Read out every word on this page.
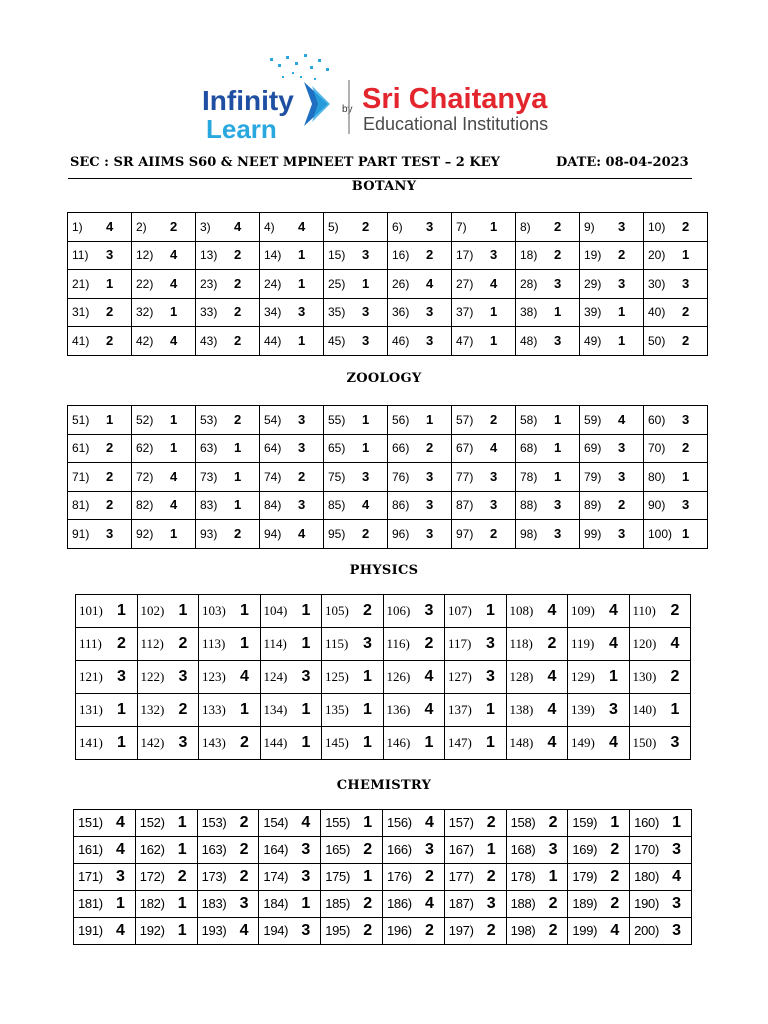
Infinity
Learn
by Sri Chaitanya
Educational Institutions
SEC : SR AIIMS S60 & NEET MPL
NEET PART TEST – 2 KEY	DATE: 08-04-2023
BOTANY
ZOOLOGY
PHYSICS
CHEMISTRY
1) 4	2) 2	3) 4	4) 4	5) 2	6) 3	7) 1	8) 2	9) 3	10) 2
11) 3	12) 4	13) 2	14) 1	15) 3	16) 2	17) 3	18) 2	19) 2	20) 1
21) 1	22) 4	23) 2	24) 1	25) 1	26) 4	27) 4	28) 3	29) 3	30) 3
31) 2	32) 1	33) 2	34) 3	35) 3	36) 3	37) 1	38) 1	39) 1	40) 2
41) 2	42) 4	43) 2	44) 1	45) 3	46) 3	47) 1	48) 3	49) 1	50) 2
51) 1	52) 1	53) 2	54) 3	55) 1	56) 1	57) 2	58) 1	59) 4	60) 3
61) 2	62) 1	63) 1	64) 3	65) 1	66) 2	67) 4	68) 1	69) 3	70) 2
71) 2	72) 4	73) 1	74) 2	75) 3	76) 3	77) 3	78) 1	79) 3	80) 1
81) 2	82) 4	83) 1	84) 3	85) 4	86) 3	87) 3	88) 3	89) 2	90) 3
91) 3	92) 1	93) 2	94) 4	95) 2	96) 3	97) 2	98) 3	99) 3	100) 1
101) 1	102) 1	103) 1	104) 1	105) 2	106) 3	107) 1	108) 4	109) 4	110) 2
111) 2	112) 2	113) 1	114) 1	115) 3	116) 2	117) 3	118) 2	119) 4	120) 4
121) 3	122) 3	123) 4	124) 3	125) 1	126) 4	127) 3	128) 4	129) 1	130) 2
131) 1	132) 2	133) 1	134) 1	135) 1	136) 4	137) 1	138) 4	139) 3	140) 1
141) 1	142) 3	143) 2	144) 1	145) 1	146) 1	147) 1	148) 4	149) 4	150) 3
151) 4	152) 1	153) 2	154) 4	155) 1	156) 4	157) 2	158) 2	159) 1	160) 1
161) 4	162) 1	163) 2	164) 3	165) 2	166) 3	167) 1	168) 3	169) 2	170) 3
171) 3	172) 2	173) 2	174) 3	175) 1	176) 2	177) 2	178) 1	179) 2	180) 4
181) 1	182) 1	183) 3	184) 1	185) 2	186) 4	187) 3	188) 2	189) 2	190) 3
191) 4	192) 1	193) 4	194) 3	195) 2	196) 2	197) 2	198) 2	199) 4	200) 3
